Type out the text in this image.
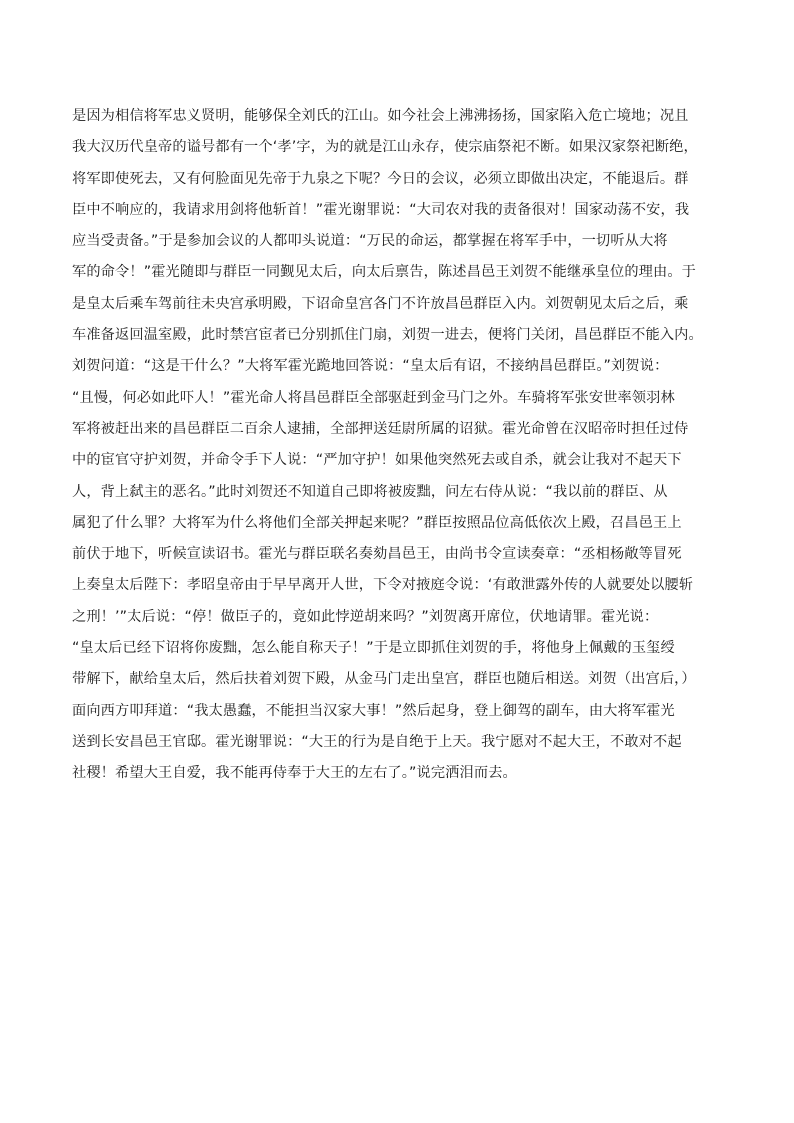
是因为相信将军忠义贤明，能够保全刘氏的江山。如今社会上沸沸扬扬，国家陷入危亡境地；况且
我大汉历代皇帝的谥号都有一个‘孝’字，为的就是江山永存，使宗庙祭祀不断。如果汉家祭祀断绝，
将军即使死去，又有何脸面见先帝于九泉之下呢？今日的会议，必须立即做出决定，不能退后。群
臣中不响应的，我请求用剑将他斩首！”霍光谢罪说：“大司农对我的责备很对！国家动荡不安，我
应当受责备。”于是参加会议的人都叩头说道：“万民的命运，都掌握在将军手中，一切听从大将
军的命令！”霍光随即与群臣一同觐见太后，向太后禀告，陈述昌邑王刘贺不能继承皇位的理由。于
是皇太后乘车驾前往未央宫承明殿，下诏命皇宫各门不许放昌邑群臣入内。刘贺朝见太后之后，乘
车准备返回温室殿，此时禁宫宦者已分别抓住门扇，刘贺一进去，便将门关闭，昌邑群臣不能入内。
刘贺问道：“这是干什么？”大将军霍光跪地回答说：“皇太后有诏，不接纳昌邑群臣。”刘贺说：
“且慢，何必如此吓人！”霍光命人将昌邑群臣全部驱赶到金马门之外。车骑将军张安世率领羽林
军将被赶出来的昌邑群臣二百余人逮捕，全部押送廷尉所属的诏狱。霍光命曾在汉昭帝时担任过侍
中的宦官守护刘贺，并命令手下人说：“严加守护！如果他突然死去或自杀，就会让我对不起天下
人，背上弑主的恶名。”此时刘贺还不知道自己即将被废黜，问左右侍从说：“我以前的群臣、从
属犯了什么罪？大将军为什么将他们全部关押起来呢？”群臣按照品位高低依次上殿，召昌邑王上
前伏于地下，听候宣读诏书。霍光与群臣联名奏劾昌邑王，由尚书令宣读奏章：“丞相杨敞等冒死
上奏皇太后陛下：孝昭皇帝由于早早离开人世，下令对掖庭令说：‘有敢泄露外传的人就要处以腰斩
之刑！’”太后说：“停！做臣子的，竟如此悖逆胡来吗？”刘贺离开席位，伏地请罪。霍光说：
“皇太后已经下诏将你废黜，怎么能自称天子！”于是立即抓住刘贺的手，将他身上佩戴的玉玺绶
带解下，献给皇太后，然后扶着刘贺下殿，从金马门走出皇宫，群臣也随后相送。刘贺（出宫后，）
面向西方叩拜道：“我太愚蠢，不能担当汉家大事！”然后起身，登上御驾的副车，由大将军霍光
送到长安昌邑王官邸。霍光谢罪说：“大王的行为是自绝于上天。我宁愿对不起大王，不敢对不起
社稷！希望大王自爱，我不能再侍奉于大王的左右了。”说完洒泪而去。
